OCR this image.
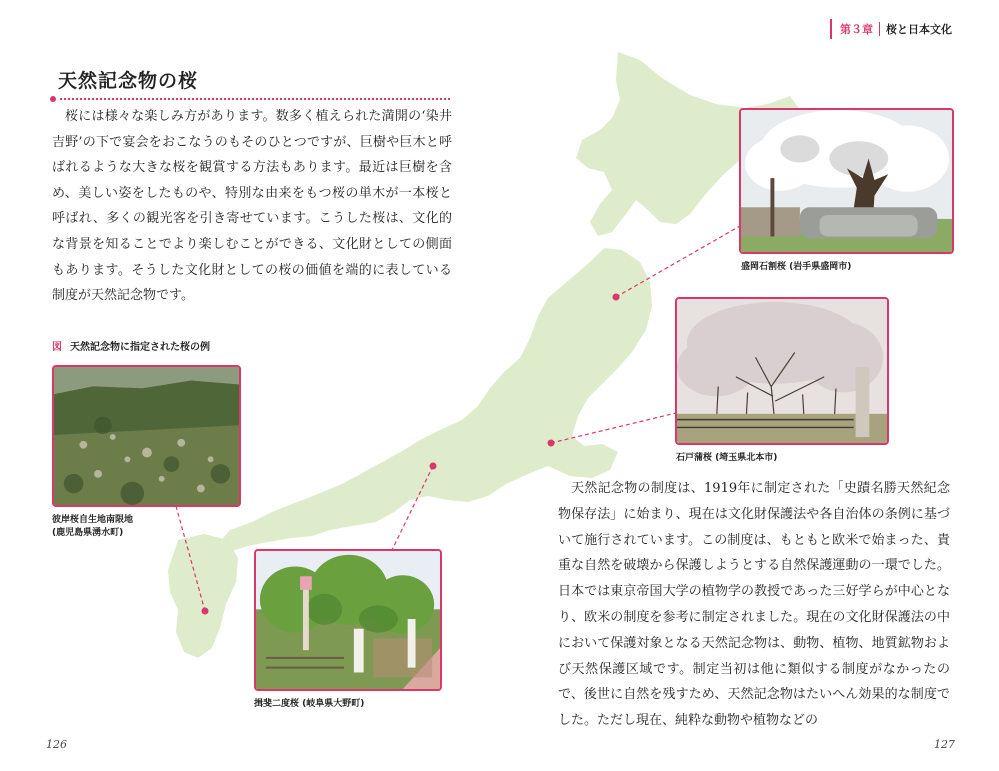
第３章 桜と日本文化
天然記念物の桜
桜には様々な楽しみ方があります。数多く植えられた満開の‘染井吉野’の下で宴会をおこなうのもそのひとつですが、巨樹や巨木と呼ばれるような大きな桜を観賞する方法もあります。最近は巨樹を含め、美しい姿をしたものや、特別な由来をもつ桜の単木が一本桜と呼ばれ、多くの観光客を引き寄せています。こうした桜は、文化的な背景を知ることでより楽しむことができる、文化財としての側面もあります。そうした文化財としての桜の価値を端的に表している制度が天然記念物です。
図 天然記念物に指定された桜の例
彼岸桜自生地南限地
(鹿児島県湧水町)
揖斐二度桜 (岐阜県大野町)
盛岡石割桜 (岩手県盛岡市)
石戸蒲桜 (埼玉県北本市)
天然記念物の制度は、1919年に制定された「史蹟名勝天然紀念物保存法」に始まり、現在は文化財保護法や各自治体の条例に基づいて施行されています。この制度は、もともと欧米で始まった、貴重な自然を破壊から保護しようとする自然保護運動の一環でした。日本では東京帝国大学の植物学の教授であった三好学らが中心となり、欧米の制度を参考に制定されました。現在の文化財保護法の中において保護対象となる天然記念物は、動物、植物、地質鉱物および天然保護区域です。制定当初は他に類似する制度がなかったので、後世に自然を残すため、天然記念物はたいへん効果的な制度でした。ただし現在、純粋な動物や植物などの
126	127
